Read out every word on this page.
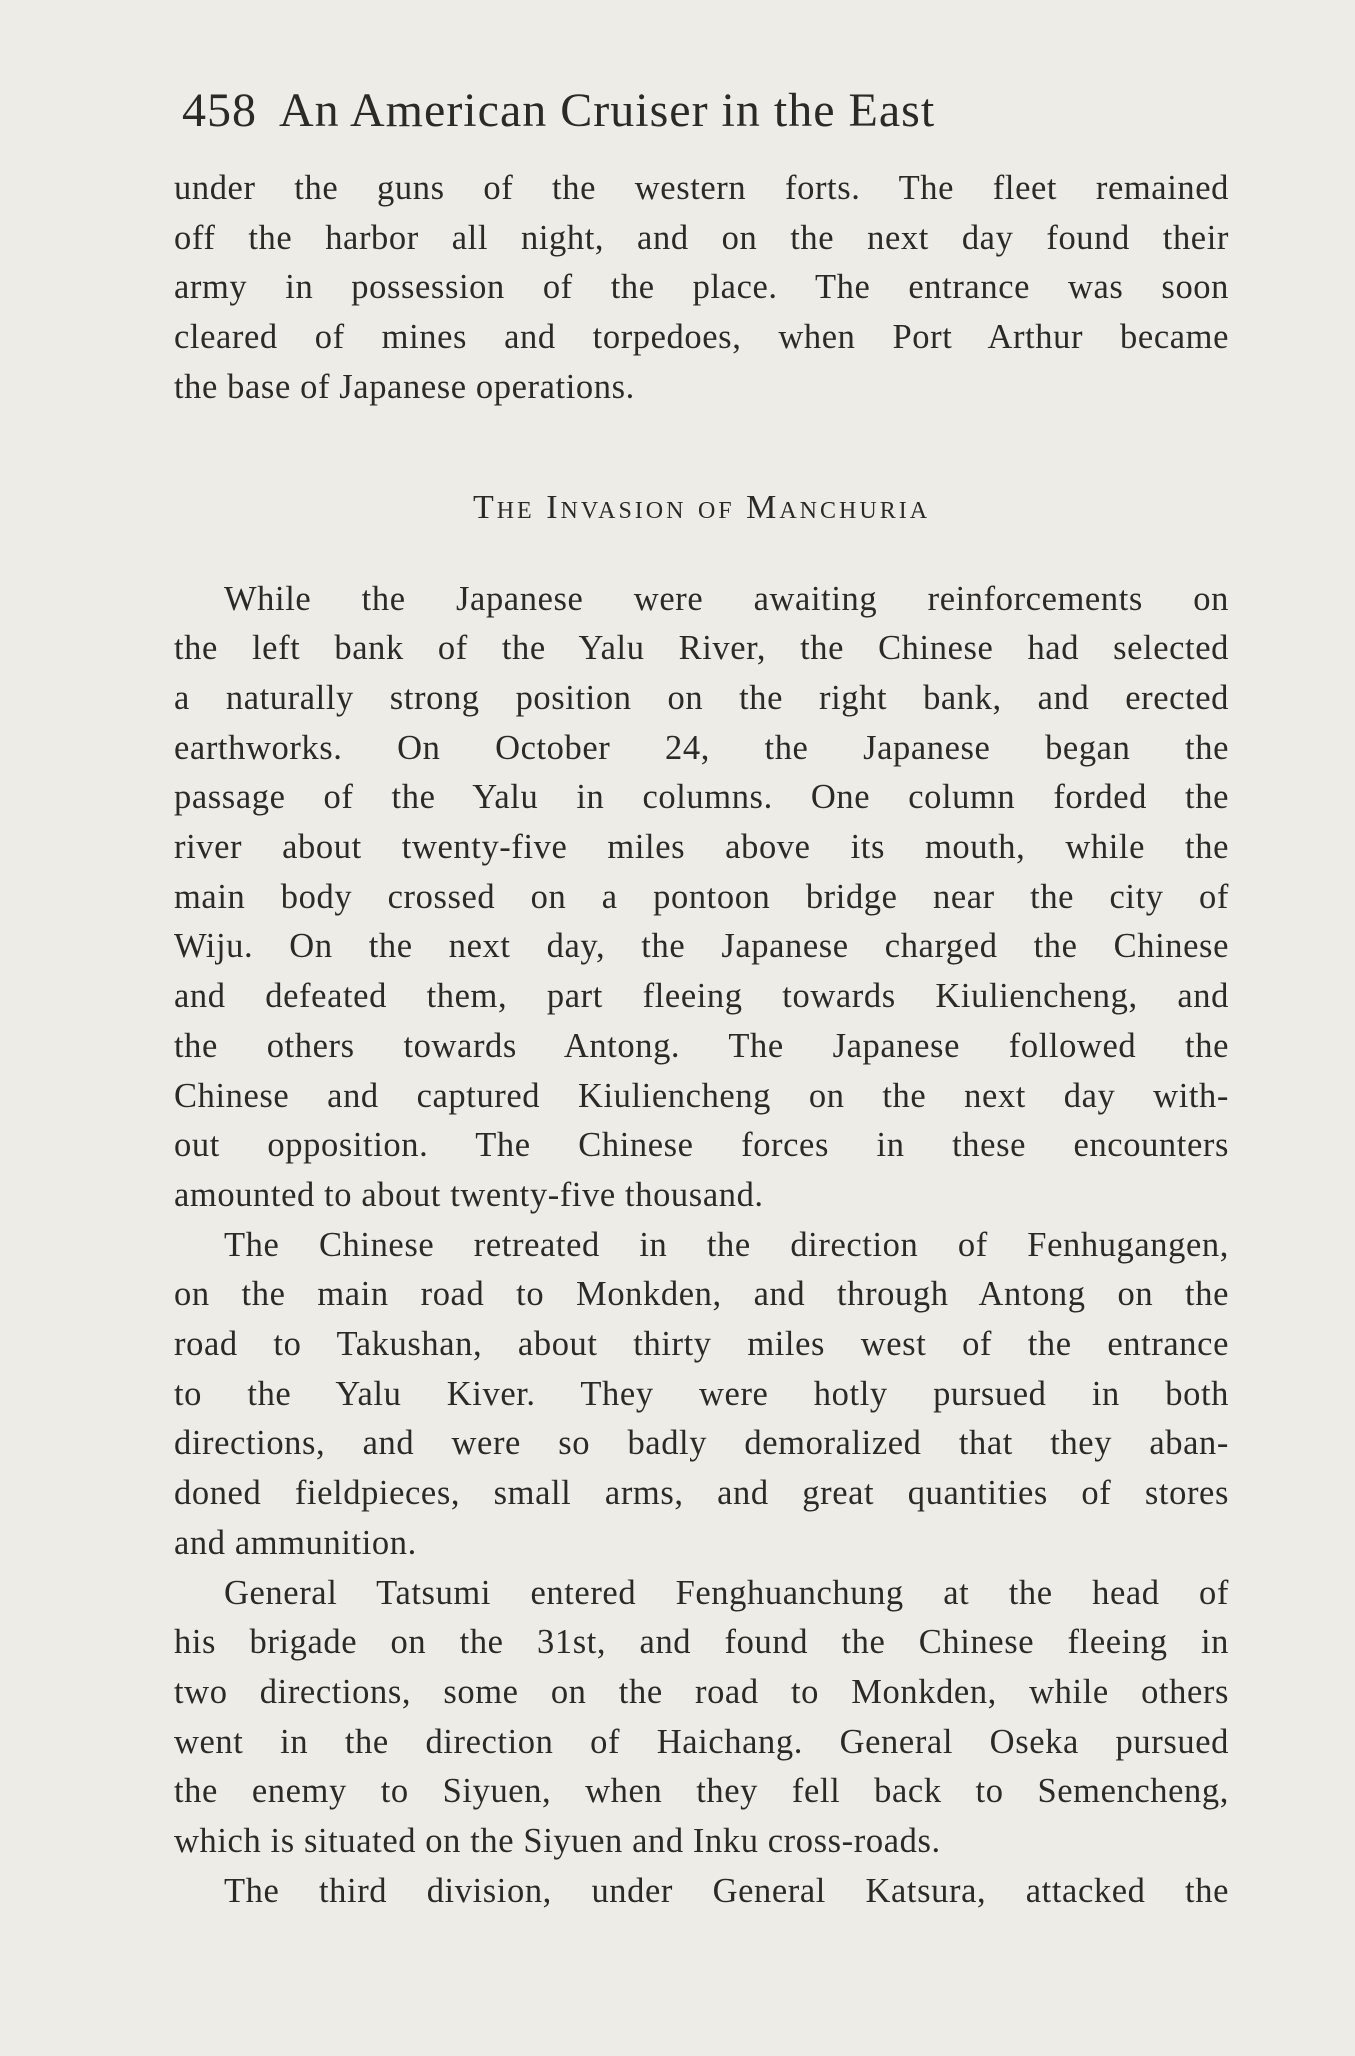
458 An American Cruiser in the East

under the guns of the western forts. The fleet remained

off the harbor all night, and on the next day found their

army in possession of the place. The entrance was soon

cleared of mines and torpedoes, when Port Arthur became

the base of Japanese operations.

The Invasion of Manchuria

While the Japanese were awaiting reinforcements on

the left bank of the Yalu River, the Chinese had selected

a naturally strong position on the right bank, and erected

earthworks. On October 24, the Japanese began the

passage of the Yalu in columns. One column forded the

river about twenty-five miles above its mouth, while the

main body crossed on a pontoon bridge near the city of

Wiju. On the next day, the Japanese charged the Chinese

and defeated them, part fleeing towards Kiuliencheng, and

the others towards Antong. The Japanese followed the

Chinese and captured Kiuliencheng on the next day with-

out opposition. The Chinese forces in these encounters

amounted to about twenty-five thousand.

The Chinese retreated in the direction of Fenhugangen,

on the main road to Monkden, and through Antong on the

road to Takushan, about thirty miles west of the entrance

to the Yalu Kiver. They were hotly pursued in both

directions, and were so badly demoralized that they aban-

doned fieldpieces, small arms, and great quantities of stores

and ammunition.

General Tatsumi entered Fenghuanchung at the head of

his brigade on the 31st, and found the Chinese fleeing in

two directions, some on the road to Monkden, while others

went in the direction of Haichang. General Oseka pursued

the enemy to Siyuen, when they fell back to Semencheng,

which is situated on the Siyuen and Inku cross-roads.

The third division, under General Katsura, attacked the
